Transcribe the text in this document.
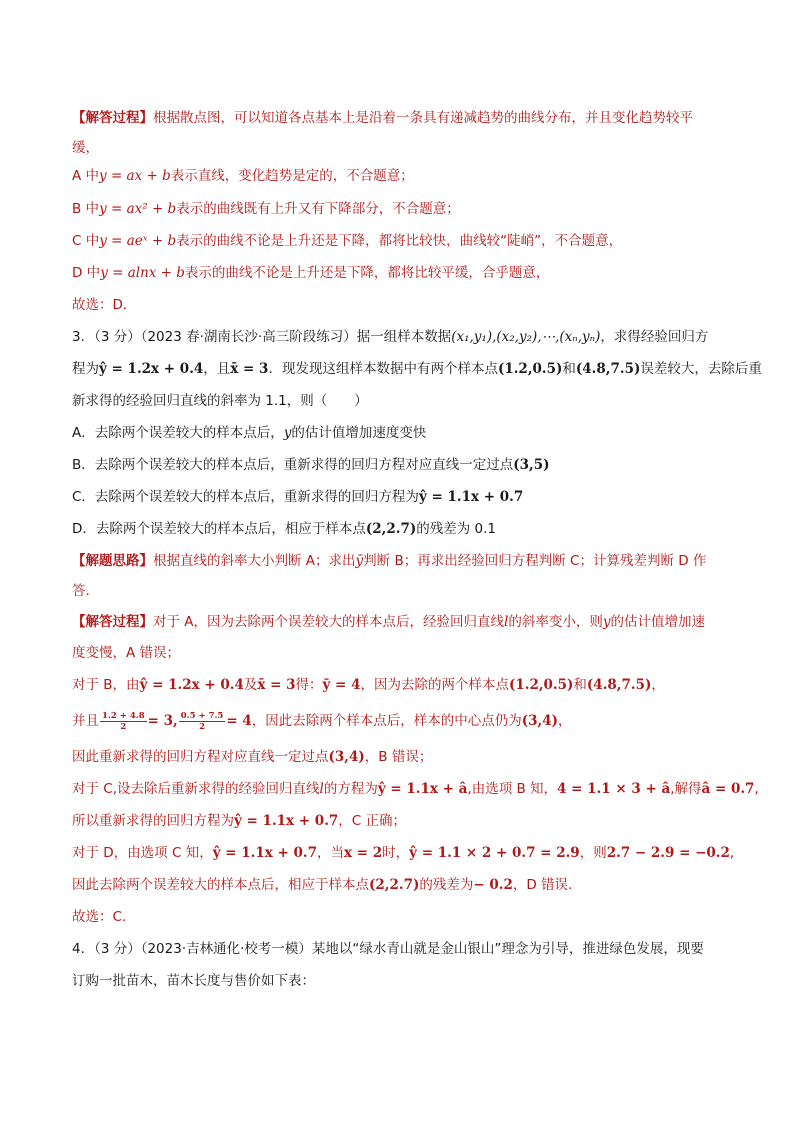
【解答过程】根据散点图，可以知道各点基本上是沿着一条具有递减趋势的曲线分布，并且变化趋势较平
缓，
A 中y = ax + b表示直线，变化趋势是定的，不合题意；
B 中y = ax² + b表示的曲线既有上升又有下降部分，不合题意；
C 中y = aeˣ + b表示的曲线不论是上升还是下降，都将比较快，曲线较“陡峭”，不合题意，
D 中y = alnx + b表示的曲线不论是上升还是下降，都将比较平缓，合乎题意，
故选：D．
3．（3 分）（2023 春·湖南长沙·高三阶段练习）据一组样本数据(x₁,y₁),(x₂,y₂),⋯,(xₙ,yₙ)，求得经验回归方
程为ŷ = 1.2x + 0.4，且x̄ = 3．现发现这组样本数据中有两个样本点(1.2,0.5)和(4.8,7.5)误差较大，去除后重
新求得的经验回归直线的斜率为 1.1，则（　　）
A．去除两个误差较大的样本点后，y的估计值增加速度变快
B．去除两个误差较大的样本点后，重新求得的回归方程对应直线一定过点(3,5)
C．去除两个误差较大的样本点后，重新求得的回归方程为ŷ = 1.1x + 0.7
D．去除两个误差较大的样本点后，相应于样本点(2,2.7)的残差为 0.1
【解题思路】根据直线的斜率大小判断 A；求出ȳ判断 B；再求出经验回归方程判断 C；计算残差判断 D 作
答.
【解答过程】对于 A，因为去除两个误差较大的样本点后，经验回归直线l的斜率变小，则y的估计值增加速
度变慢，A 错误；
对于 B，由ŷ = 1.2x + 0.4及x̄ = 3得：ȳ = 4，因为去除的两个样本点(1.2,0.5)和(4.8,7.5)，
并且 $\frac{1.2 + 4.8}{2} = 3$, $\frac{0.5 + 7.5}{2} = 4$，因此去除两个样本点后，样本的中心点仍为(3,4)，
因此重新求得的回归方程对应直线一定过点(3,4)，B 错误；
对于 C,设去除后重新求得的经验回归直线l的方程为ŷ = 1.1x + â,由选项 B 知，4 = 1.1 × 3 + â,解得â = 0.7,
所以重新求得的回归方程为ŷ = 1.1x + 0.7，C 正确；
对于 D，由选项 C 知，ŷ = 1.1x + 0.7，当x = 2时，ŷ = 1.1 × 2 + 0.7 = 2.9，则2.7 − 2.9 = −0.2,
因此去除两个误差较大的样本点后，相应于样本点(2,2.7)的残差为− 0.2，D 错误.
故选：C.
4．（3 分）（2023·吉林通化·校考一模）某地以“绿水青山就是金山银山”理念为引导，推进绿色发展，现要
订购一批苗木，苗木长度与售价如下表：
